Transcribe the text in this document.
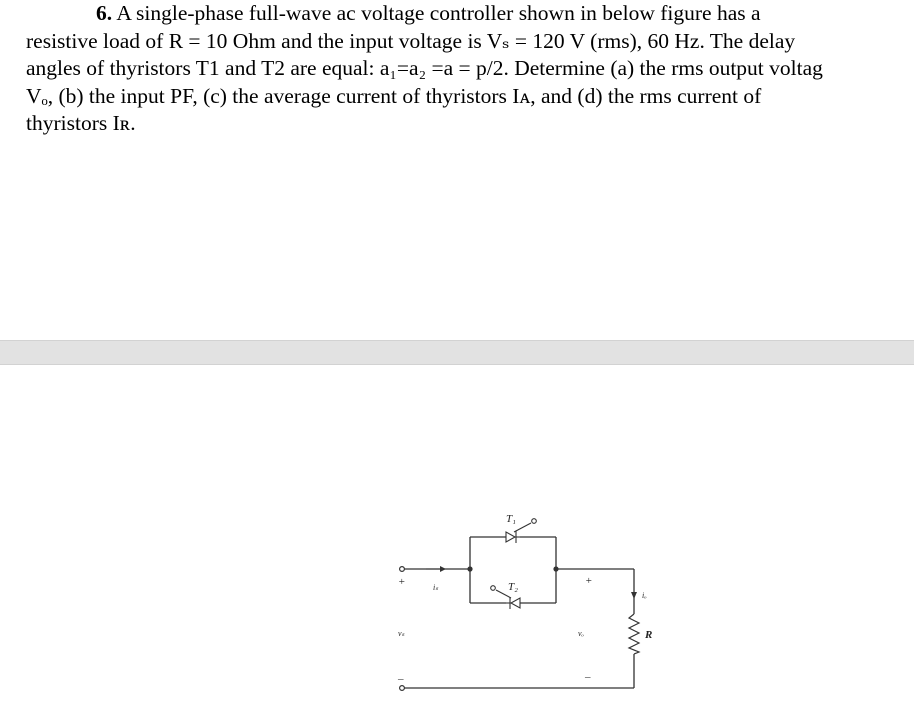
6. A single-phase full-wave ac voltage controller shown in below figure has a
resistive load of R = 10 Ohm and the input voltage is Vₛ = 120 V (rms), 60 Hz. The delay
angles of thyristors T1 and T2 are equal: a₁=a₂ =a = p/2. Determine (a) the rms output voltag
Vₒ, (b) the input PF, (c) the average current of thyristors Iᴀ, and (d) the rms current of
thyristors Iʀ.
T₁
T₂
iₛ
iₒ
vₛ	vₒ	R
+
–
+
–
